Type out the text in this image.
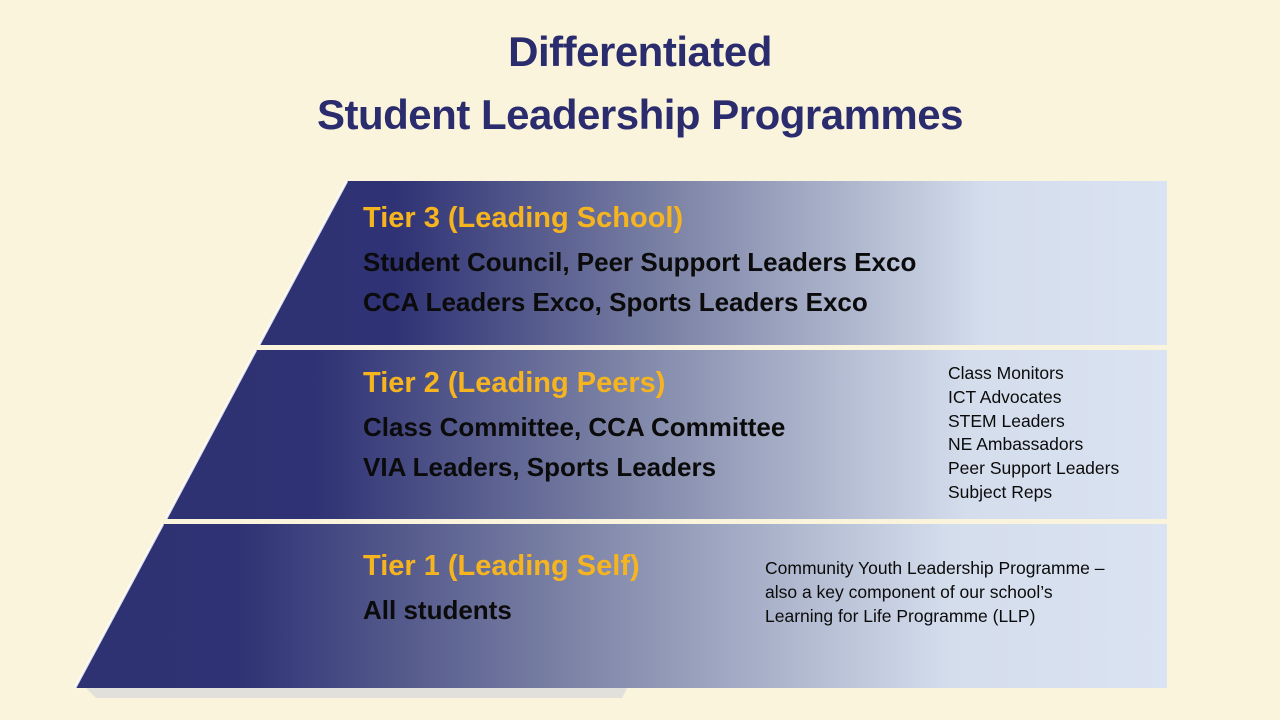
Differentiated
Student Leadership Programmes
Tier 3 (Leading School)
Student Council, Peer Support Leaders Exco
CCA Leaders Exco, Sports Leaders Exco
Tier 2 (Leading Peers)
Class Committee, CCA Committee
VIA Leaders, Sports Leaders
Class Monitors
ICT Advocates
STEM Leaders
NE Ambassadors
Peer Support Leaders
Subject Reps
Tier 1 (Leading Self)
All students
Community Youth Leadership Programme –
also a key component of our school’s
Learning for Life Programme (LLP)
